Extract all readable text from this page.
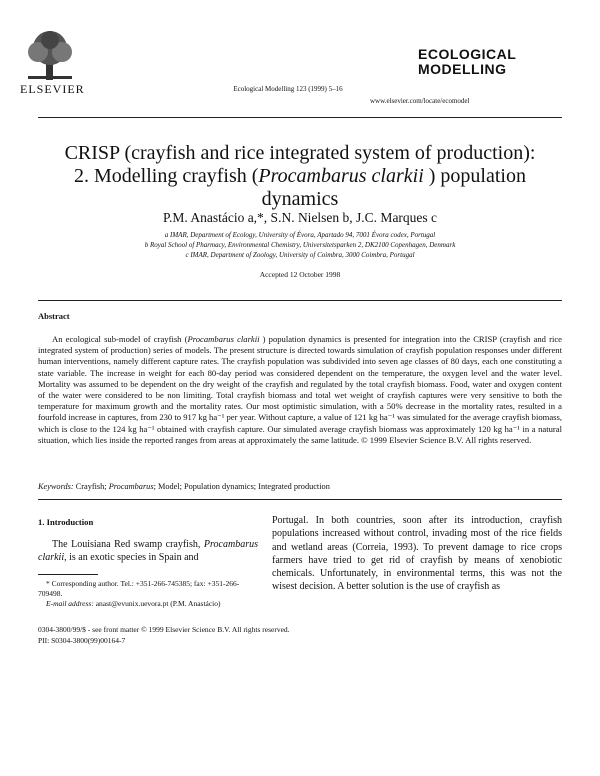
ELSEVIER	Ecological Modelling 123 (1999) 5–16
ECOLOGICAL
MODELLING
www.elsevier.com/locate/ecomodel
CRISP (crayfish and rice integrated system of production):
2. Modelling crayfish (Procambarus clarkii ) population
dynamics
P.M. Anastácio a,*, S.N. Nielsen b, J.C. Marques c
a IMAR, Department of Ecology, University of Évora, Apartado 94, 7001 Évora codex, Portugal
b Royal School of Pharmacy, Environmental Chemistry, Universitetsparken 2, DK2100 Copenhagen, Denmark
c IMAR, Department of Zoology, University of Coimbra, 3000 Coimbra, Portugal
Accepted 12 October 1998
Abstract

An ecological sub-model of crayfish (Procambarus clarkii ) population dynamics is presented for integration into the CRISP (crayfish and rice integrated system of production) series of models. The present structure is directed towards simulation of crayfish population responses under different human interventions, namely different capture rates. The crayfish population was subdivided into seven age classes of 80 days, each one constituting a state variable. The increase in weight for each 80-day period was considered dependent on the temperature, the oxygen level and the water level. Mortality was assumed to be dependent on the dry weight of the crayfish and regulated by the total crayfish biomass. Food, water and oxygen content of the water were considered to be non limiting. Total crayfish biomass and total wet weight of crayfish captures were very sensitive to both the temperature for maximum growth and the mortality rates. Our most optimistic simulation, with a 50% decrease in the mortality rates, resulted in a fourfold increase in captures, from 230 to 917 kg ha⁻¹ per year. Without capture, a value of 121 kg ha⁻¹ was simulated for the average crayfish biomass, which is close to the 124 kg ha⁻¹ obtained with crayfish capture. Our simulated average crayfish biomass was approximately 120 kg ha⁻¹ in a natural situation, which lies inside the reported ranges from areas at approximately the same latitude. © 1999 Elsevier Science B.V. All rights reserved.

Keywords: Crayfish; Procambarus; Model; Population dynamics; Integrated production
1. Introduction

The Louisiana Red swamp crayfish, Procambarus clarkii, is an exotic species in Spain and

Portugal. In both countries, soon after its introduction, crayfish populations increased without control, invading most of the rice fields and wetland areas (Correia, 1993). To prevent damage to rice crops farmers have tried to get rid of crayfish by means of xenobiotic chemicals. Unfortunately, in environmental terms, this was not the wisest decision. A better solution is the use of crayfish as

* Corresponding author. Tel.: +351-266-745385; fax: +351-266-709498.

E-mail address: anast@evunix.uevora.pt (P.M. Anastácio)

0304-3800/99/$ - see front matter © 1999 Elsevier Science B.V. All rights reserved.
PII: S0304-3800(99)00164-7
